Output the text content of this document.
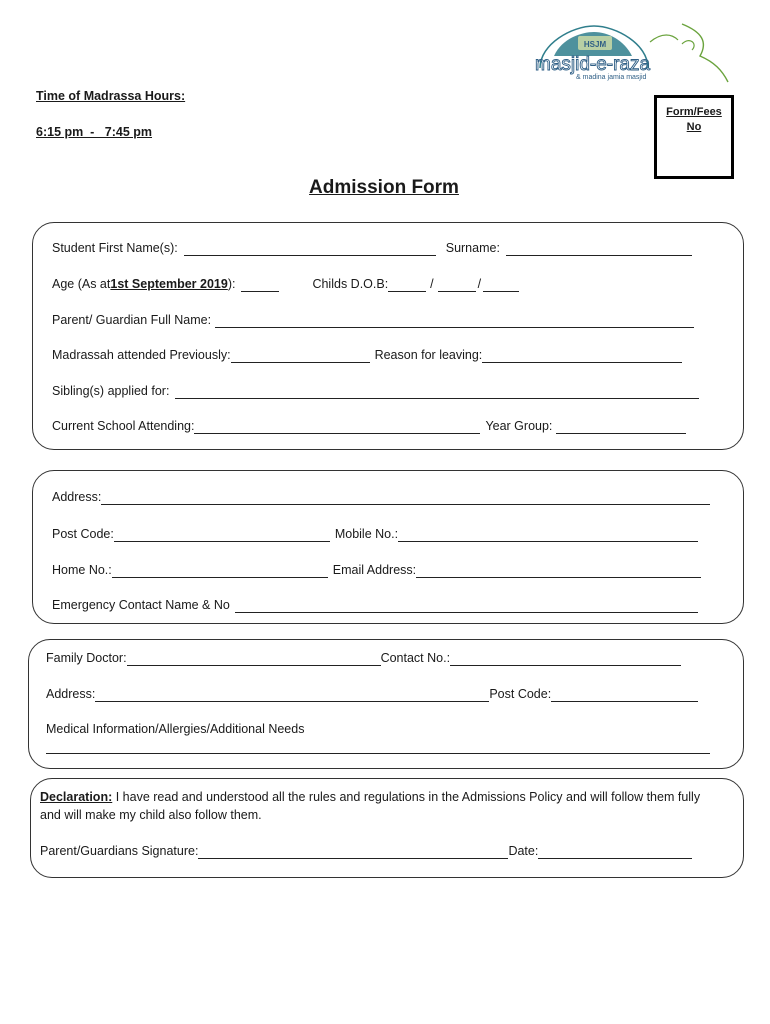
HSJM
masjid-e-raza
& madina jamia masjid
Time of Madrassa Hours:
6:15 pm  -   7:45 pm
Form/Fees
No
Admission Form
Student First Name(s):	Surname:
Age (As at 1st September 2019 ):	Childs D.O.B:	/	/
Parent/ Guardian Full Name:
Madrassah attended Previously:	Reason for leaving:
Sibling(s) applied for:
Current School Attending:	Year Group:
Address:
Post Code:	Mobile No.:
Home No.:	Email Address:
Emergency Contact Name & No
Family Doctor:	Contact No.:
Address:	Post Code:
Medical Information/Allergies/Additional Needs
Declaration: I have read and understood all the rules and regulations in the Admissions Policy and will follow them fully and will make my child also follow them.
Parent/Guardians Signature:	Date:
